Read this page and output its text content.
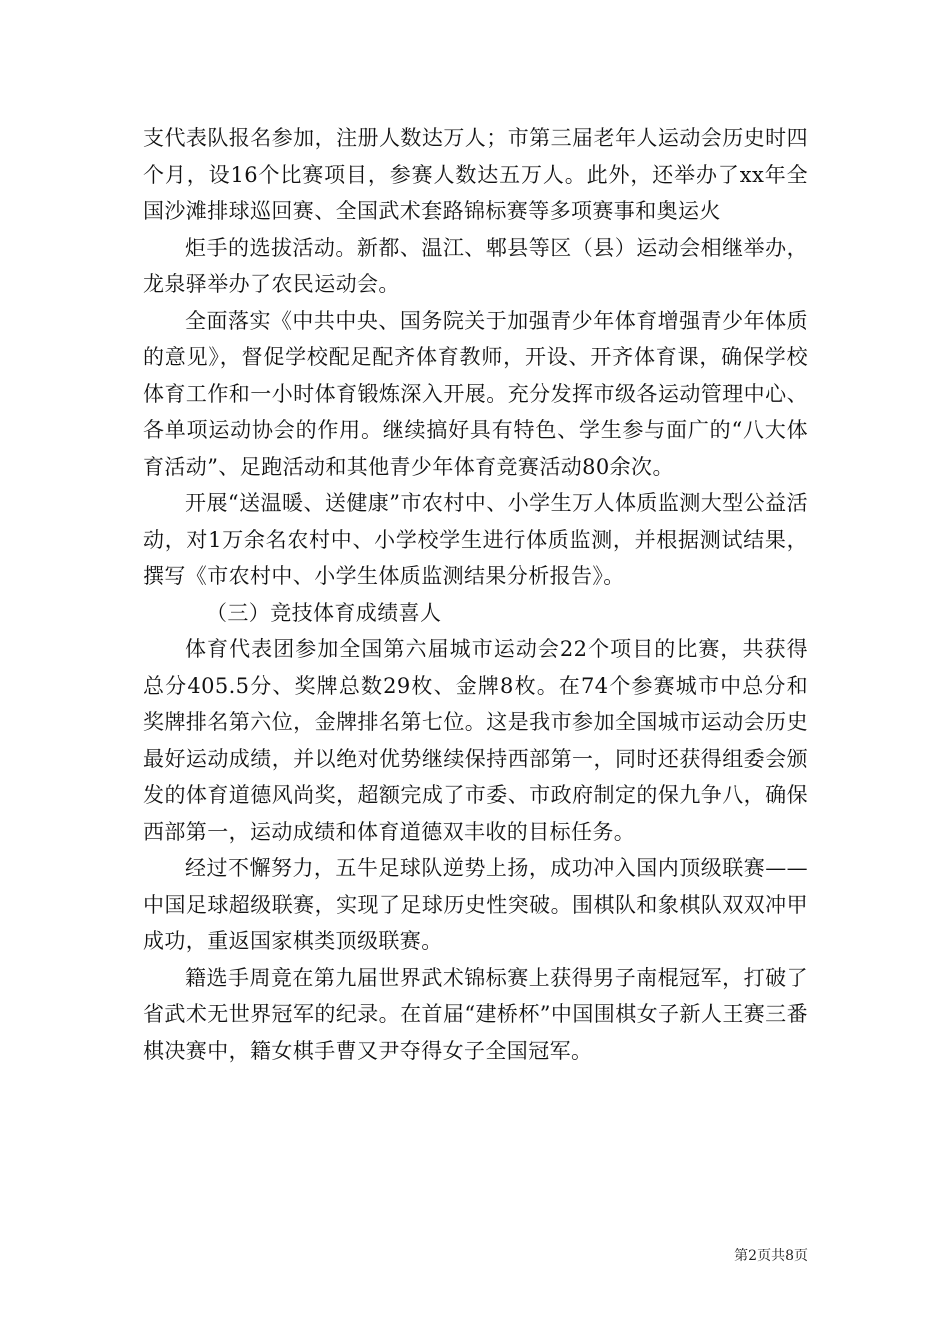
支代表队报名参加，注册人数达万人；市第三届老年人运动会历史时四个月，设16个比赛项目，参赛人数达五万人。此外，还举办了xx年全国沙滩排球巡回赛、全国武术套路锦标赛等多项赛事和奥运火

炬手的选拔活动。新都、温江、郫县等区（县）运动会相继举办，龙泉驿举办了农民运动会。

全面落实《中共中央、国务院关于加强青少年体育增强青少年体质的意见》，督促学校配足配齐体育教师，开设、开齐体育课，确保学校体育工作和一小时体育锻炼深入开展。充分发挥市级各运动管理中心、各单项运动协会的作用。继续搞好具有特色、学生参与面广的“八大体育活动”、足跑活动和其他青少年体育竞赛活动80余次。

开展“送温暖、送健康”市农村中、小学生万人体质监测大型公益活动，对1万余名农村中、小学校学生进行体质监测，并根据测试结果，撰写《市农村中、小学生体质监测结果分析报告》。

（三）竞技体育成绩喜人

体育代表团参加全国第六届城市运动会22个项目的比赛，共获得总分405.5分、奖牌总数29枚、金牌8枚。在74个参赛城市中总分和奖牌排名第六位，金牌排名第七位。这是我市参加全国城市运动会历史最好运动成绩，并以绝对优势继续保持西部第一，同时还获得组委会颁发的体育道德风尚奖，超额完成了市委、市政府制定的保九争八，确保西部第一，运动成绩和体育道德双丰收的目标任务。

经过不懈努力，五牛足球队逆势上扬，成功冲入国内顶级联赛——中国足球超级联赛，实现了足球历史性突破。围棋队和象棋队双双冲甲成功，重返国家棋类顶级联赛。

籍选手周竟在第九届世界武术锦标赛上获得男子南棍冠军，打破了省武术无世界冠军的纪录。在首届“建桥杯”中国围棋女子新人王赛三番棋决赛中，籍女棋手曹又尹夺得女子全国冠军。

第2页共8页
